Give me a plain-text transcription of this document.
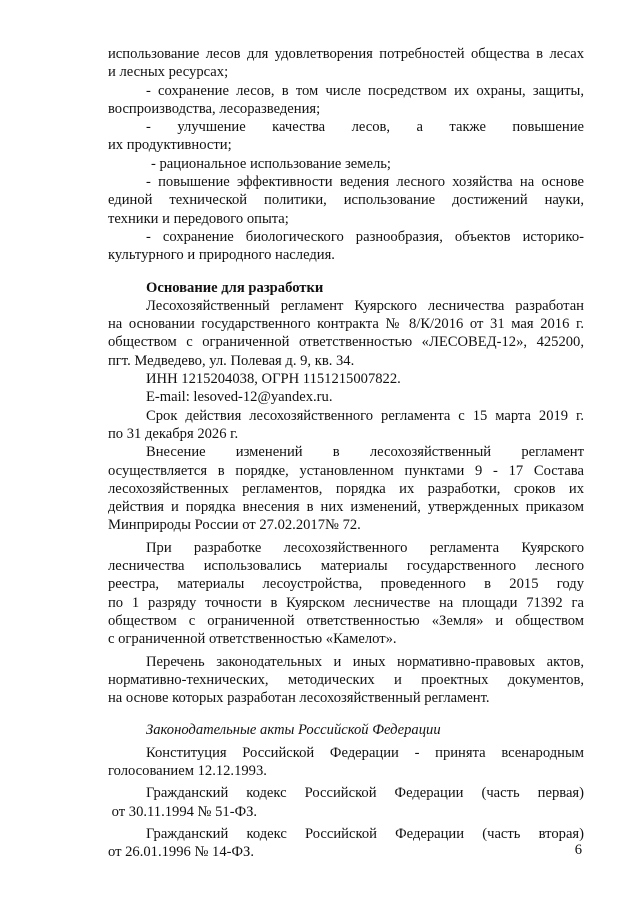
использование лесов для удовлетворения потребностей общества в лесах
и лесных ресурсах;
- сохранение лесов, в том числе посредством их охраны, защиты,
воспроизводства, лесоразведения;
- улучшение качества лесов, а также повышение
их продуктивности;
- рациональное использование земель;
- повышение эффективности ведения лесного хозяйства на основе
единой технической политики, использование достижений науки,
техники и передового опыта;
- сохранение биологического разнообразия, объектов историко-
культурного и природного наследия.
Основание для разработки
Лесохозяйственный регламент Куярского лесничества разработан
на основании государственного контракта № 8/К/2016 от 31 мая 2016 г.
обществом с ограниченной ответственностью «ЛЕСОВЕД-12», 425200,
пгт. Медведево, ул. Полевая д. 9, кв. 34.
ИНН 1215204038, ОГРН 1151215007822.
E-mail: lesoved-12@yandex.ru.
Срок действия лесохозяйственного регламента с 15 марта 2019 г.
по 31 декабря 2026 г.
Внесение изменений в лесохозяйственный регламент
осуществляется в порядке, установленном пунктами 9 - 17 Состава
лесохозяйственных регламентов, порядка их разработки, сроков их
действия и порядка внесения в них изменений, утвержденных приказом
Минприроды России от 27.02.2017№ 72.
При разработке лесохозяйственного регламента Куярского
лесничества использовались материалы государственного лесного
реестра, материалы лесоустройства, проведенного в 2015 году
по 1 разряду точности в Куярском лесничестве на площади 71392 га
обществом с ограниченной ответственностью «Земля» и обществом
с ограниченной ответственностью «Камелот».
Перечень законодательных и иных нормативно-правовых актов,
нормативно-технических, методических и проектных документов,
на основе которых разработан лесохозяйственный регламент.
Законодательные акты Российской Федерации
Конституция Российской Федерации - принята всенародным
голосованием 12.12.1993.
Гражданский кодекс Российской Федерации (часть первая)
от 30.11.1994 № 51-ФЗ.
Гражданский кодекс Российской Федерации (часть вторая)
от 26.01.1996 № 14-ФЗ.	6
